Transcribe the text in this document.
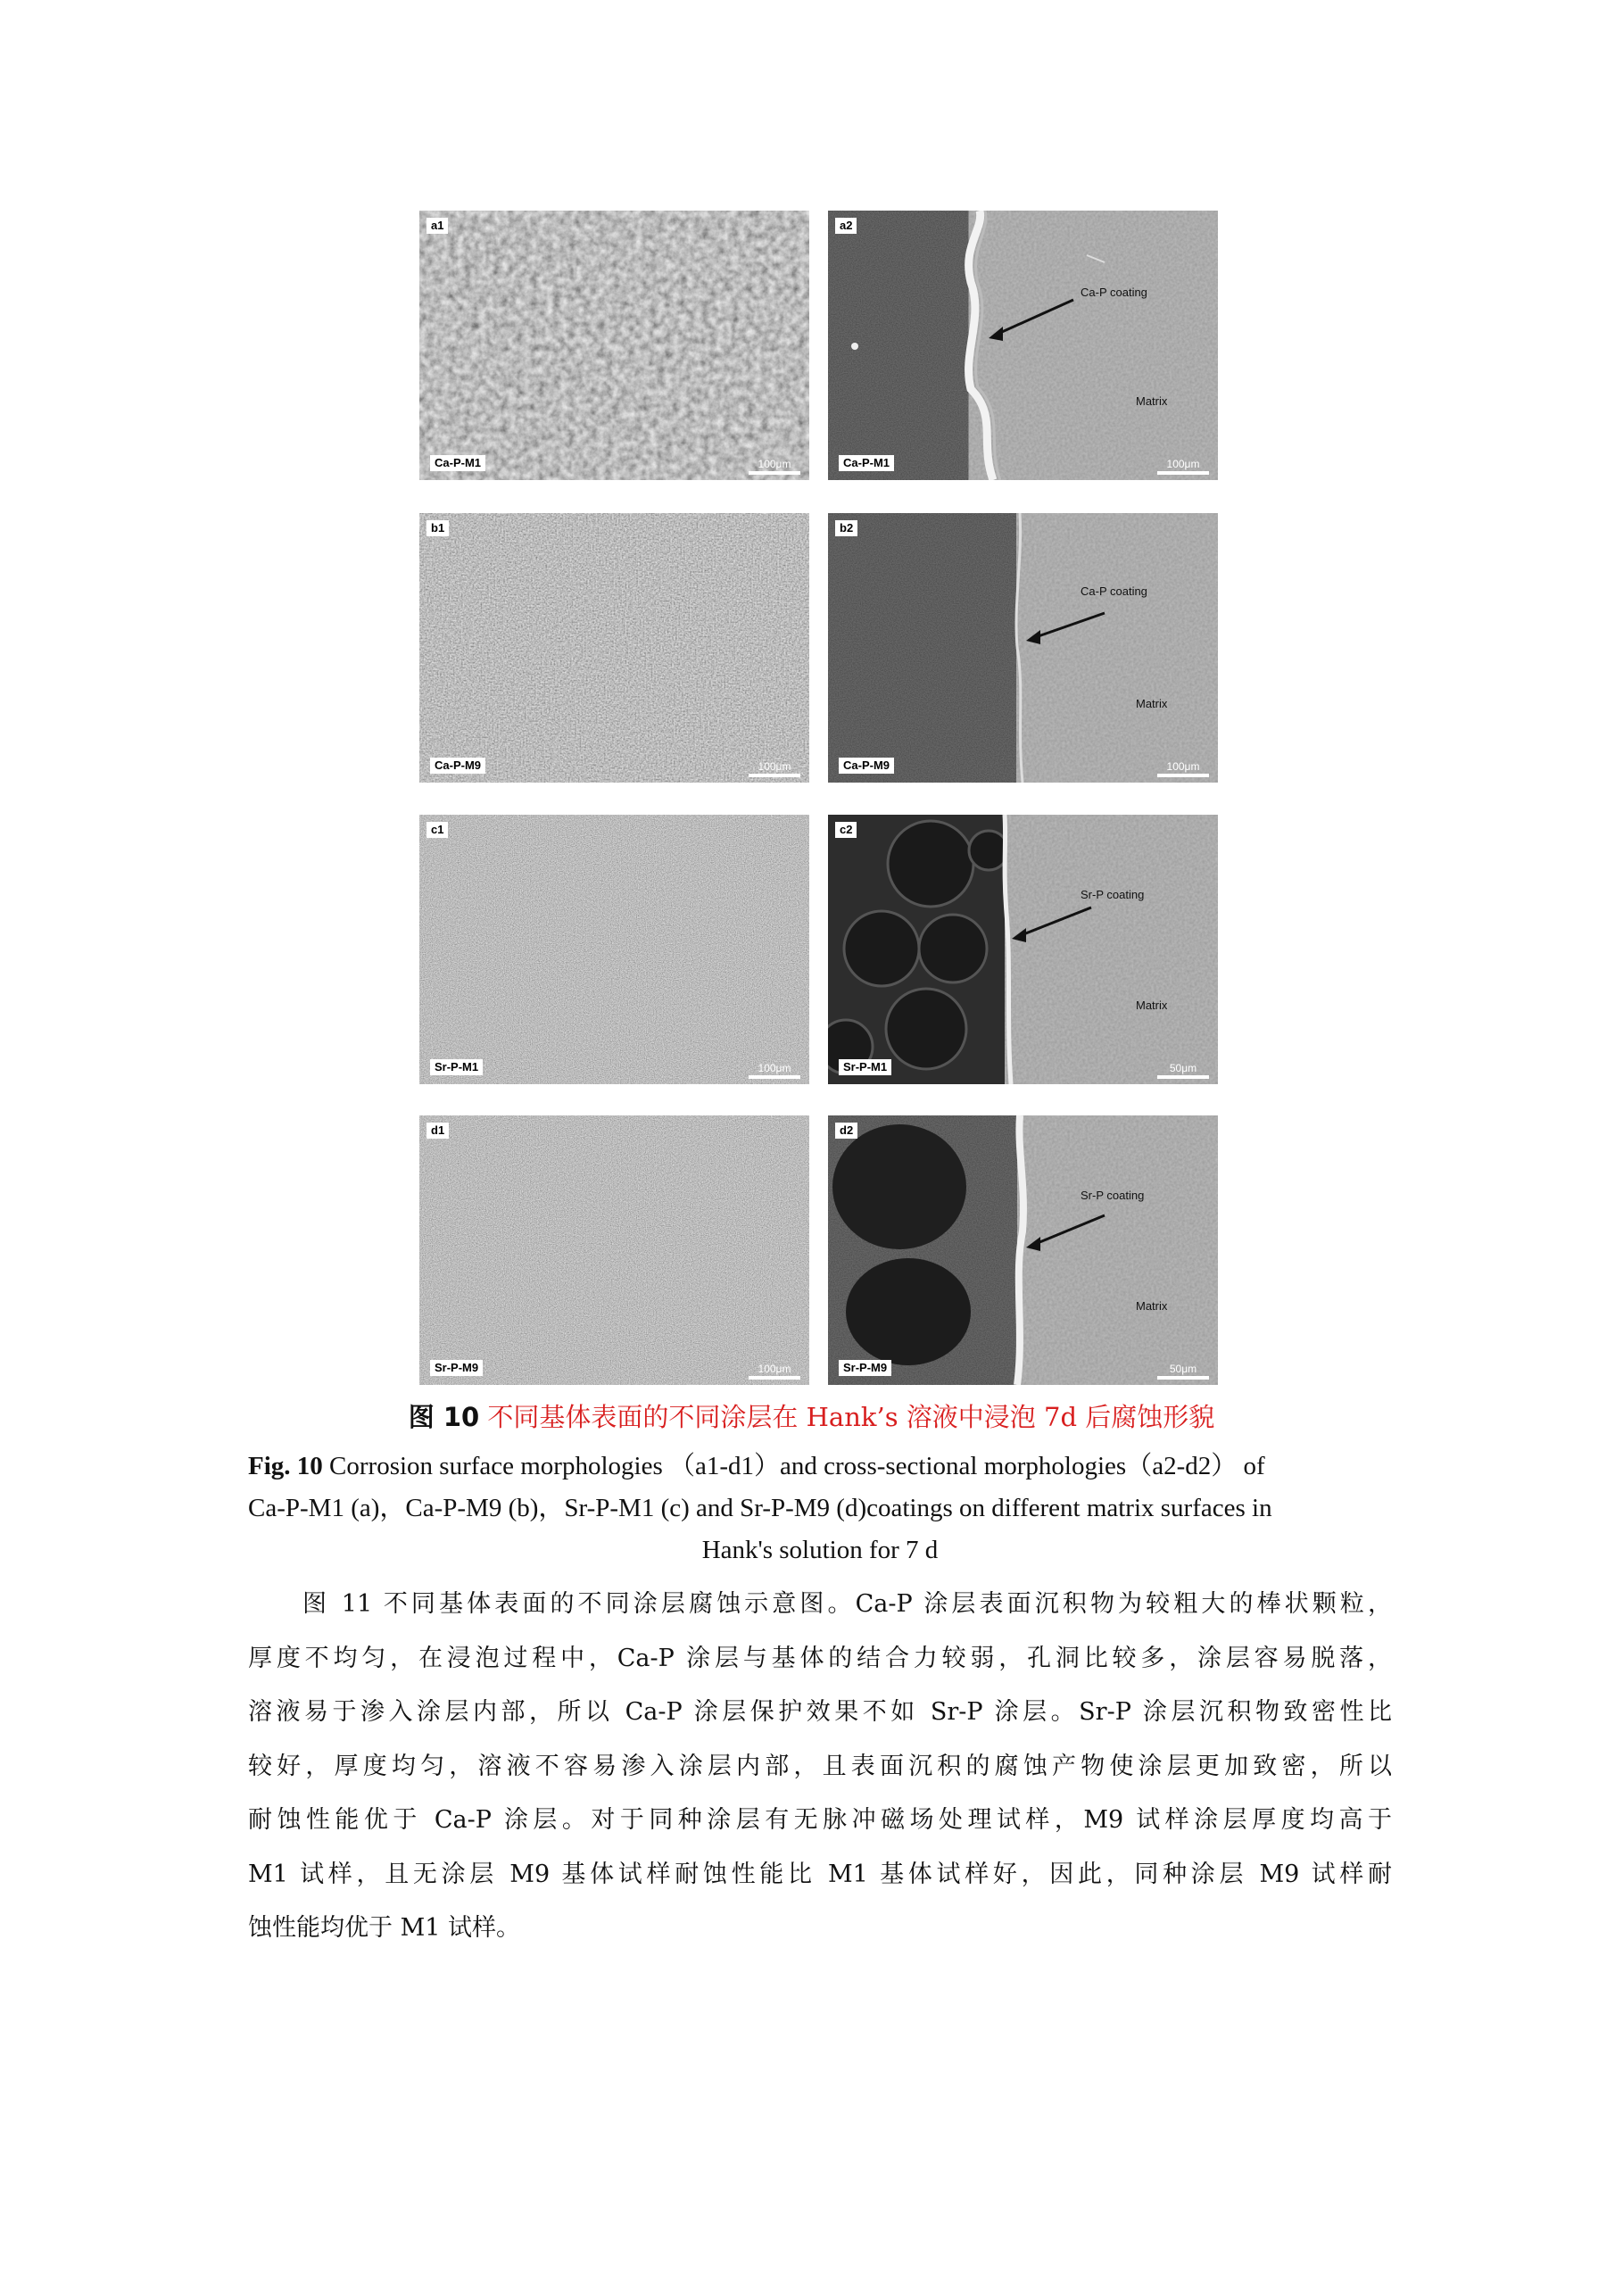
a1
Ca-P-M1	100μm
a2
Ca-P coating
Matrix
Ca-P-M1	100μm
b1
Ca-P-M9	100μm
b2
Ca-P coating
Matrix
Ca-P-M9	100μm
c1
Sr-P-M1	100μm
c2
Sr-P coating
Matrix
Sr-P-M1	50μm
d1
Sr-P-M9	100μm
d2
Sr-P coating
Matrix
Sr-P-M9	50μm
图 10 不同基体表面的不同涂层在 Hank’s 溶液中浸泡 7d 后腐蚀形貌
Fig. 10 Corrosion surface morphologies （a1-d1）and cross-sectional morphologies（a2-d2） of
Ca-P-M1 (a)，Ca-P-M9 (b)，Sr-P-M1 (c) and Sr-P-M9 (d)coatings on different matrix surfaces in
Hank's solution for 7 d
图 11 不同基体表面的不同涂层腐蚀示意图。Ca-P 涂层表面沉积物为较粗大的棒状颗粒，
厚度不均匀，在浸泡过程中，Ca-P 涂层与基体的结合力较弱，孔洞比较多，涂层容易脱落，
溶液易于渗入涂层内部，所以 Ca-P 涂层保护效果不如 Sr-P 涂层。Sr-P 涂层沉积物致密性比
较好，厚度均匀，溶液不容易渗入涂层内部，且表面沉积的腐蚀产物使涂层更加致密，所以
耐蚀性能优于 Ca-P 涂层。对于同种涂层有无脉冲磁场处理试样，M9 试样涂层厚度均高于
M1 试样，且无涂层 M9 基体试样耐蚀性能比 M1 基体试样好，因此，同种涂层 M9 试样耐
蚀性能均优于 M1 试样。
